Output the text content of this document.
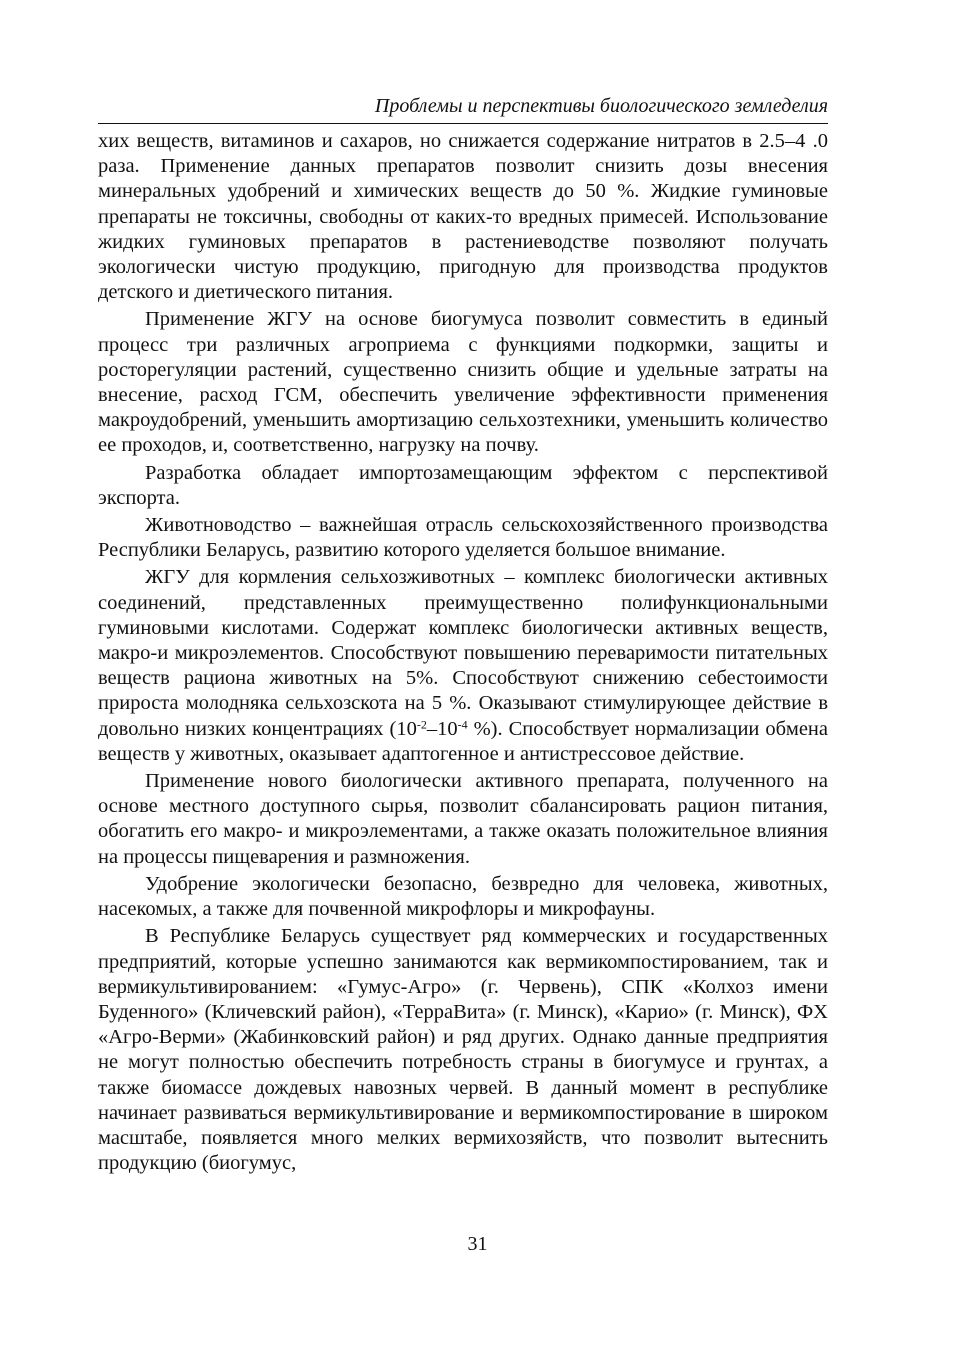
Проблемы и перспективы биологического земледелия

хих веществ, витаминов и сахаров, но снижается содержание нитратов в 2.5–4 .0 раза. Применение данных препаратов позволит снизить дозы внесения минеральных удобрений и химических веществ до 50 %. Жидкие гуминовые препараты не токсичны, свободны от каких-то вредных примесей. Использование жидких гуминовых препаратов в растениеводстве позволяют получать экологически чистую продукцию, пригодную для производства продуктов детского и диетического питания.

Применение ЖГУ на основе биогумуса позволит совместить в единый процесс три различных агроприема с функциями подкормки, защиты и росторегуляции растений, существенно снизить общие и удельные затраты на внесение, расход ГСМ, обеспечить увеличение эффективности применения макроудобрений, уменьшить амортизацию сельхозтехники, уменьшить количество ее проходов, и, соответственно, нагрузку на почву.

Разработка обладает импортозамещающим эффектом с перспективой экспорта.

Животноводство – важнейшая отрасль сельскохозяйственного производства Республики Беларусь, развитию которого уделяется большое внимание.

ЖГУ для кормления сельхозживотных – комплекс биологически активных соединений, представленных преимущественно полифункциональными гуминовыми кислотами. Содержат комплекс биологически активных веществ, макро-и микроэлементов. Способствуют повышению переваримости питательных веществ рациона животных на 5%. Способствуют снижению себестоимости прироста молодняка сельхозскота на 5 %. Оказывают стимулирующее действие в довольно низких концентрациях ($10^{-2}-10^{-4}$ %). Способствует нормализации обмена веществ у животных, оказывает адаптогенное и антистрессовое действие.

Применение нового биологически активного препарата, полученного на основе местного доступного сырья, позволит сбалансировать рацион питания, обогатить его макро- и микроэлементами, а также оказать положительное влияния на процессы пищеварения и размножения.

Удобрение экологически безопасно, безвредно для человека, животных, насекомых, а также для почвенной микрофлоры и микрофауны.

В Республике Беларусь существует ряд коммерческих и государственных предприятий, которые успешно занимаются как вермикомпостированием, так и вермикультивированием: «Гумус-Агро» (г. Червень), СПК «Колхоз имени Буденного» (Кличевский район), «ТерраВита» (г. Минск), «Карио» (г. Минск), ФХ «Агро-Верми» (Жабинковский район) и ряд других. Однако данные предприятия не могут полностью обеспечить потребность страны в биогумусе и грунтах, а также биомассе дождевых навозных червей. В данный момент в республике начинает развиваться вермикультивирование и вермикомпостирование в широком масштабе, появляется много мелких вермихозяйств, что позволит вытеснить продукцию (биогумус,

31
